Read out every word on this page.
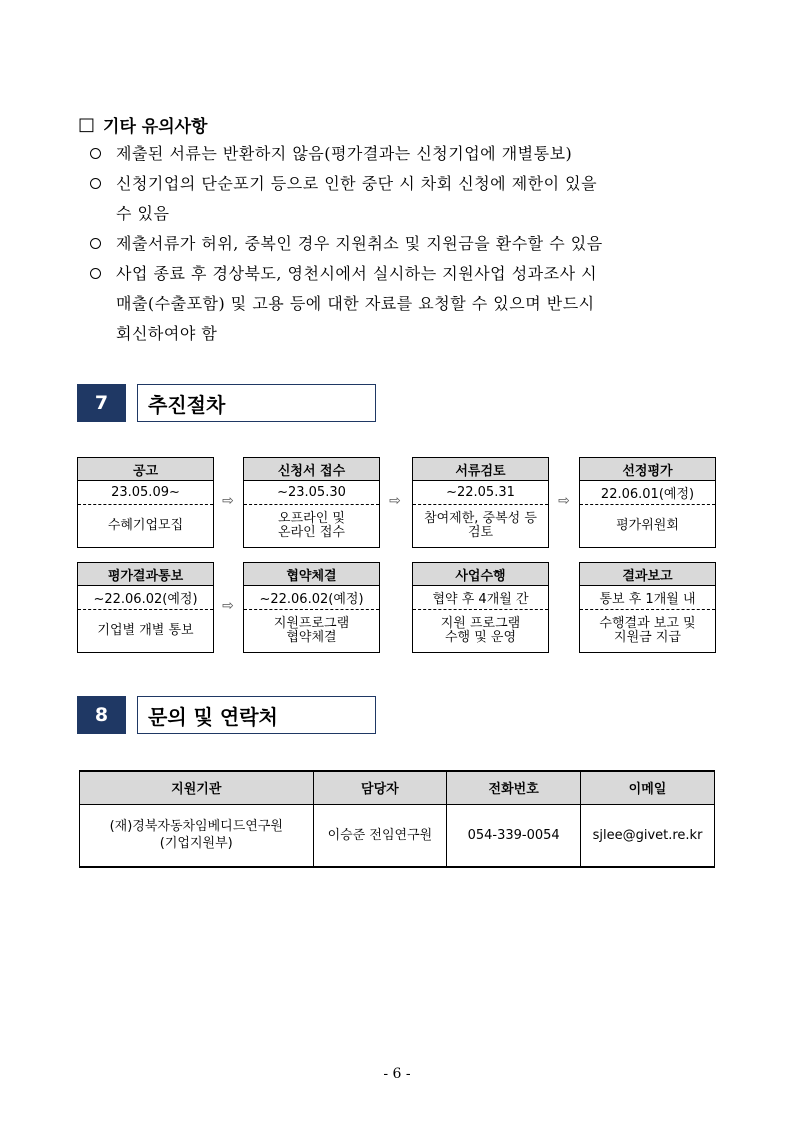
□ 기타 유의사항
제출된 서류는 반환하지 않음(평가결과는 신청기업에 개별통보)
신청기업의 단순포기 등으로 인한 중단 시 차회 신청에 제한이 있을
수 있음
제출서류가 허위, 중복인 경우 지원취소 및 지원금을 환수할 수 있음
사업 종료 후 경상북도, 영천시에서 실시하는 지원사업 성과조사 시
매출(수출포함) 및 고용 등에 대한 자료를 요청할 수 있으며 반드시
회신하여야 함
7	추진절차
공고
23.05.09~
수혜기업모집
⇨
신청서 접수
~23.05.30
오프라인 및
온라인 접수
⇨
서류검토
~22.05.31
참여제한, 중복성 등
검토
⇨
선정평가
22.06.01(예정)
평가위원회
평가결과통보
~22.06.02(예정)
기업별 개별 통보
⇨
협약체결
~22.06.02(예정)
지원프로그램
협약체결
사업수행
협약 후 4개월 간
지원 프로그램
수행 및 운영
결과보고
통보 후 1개월 내
수행결과 보고 및
지원금 지급
8	문의 및 연락처
지원기관	담당자	전화번호	이메일

(재)경북자동차임베디드연구원
(기업지원부)	이승준 전임연구원	054-339-0054	sjlee@givet.re.kr
- 6 -
